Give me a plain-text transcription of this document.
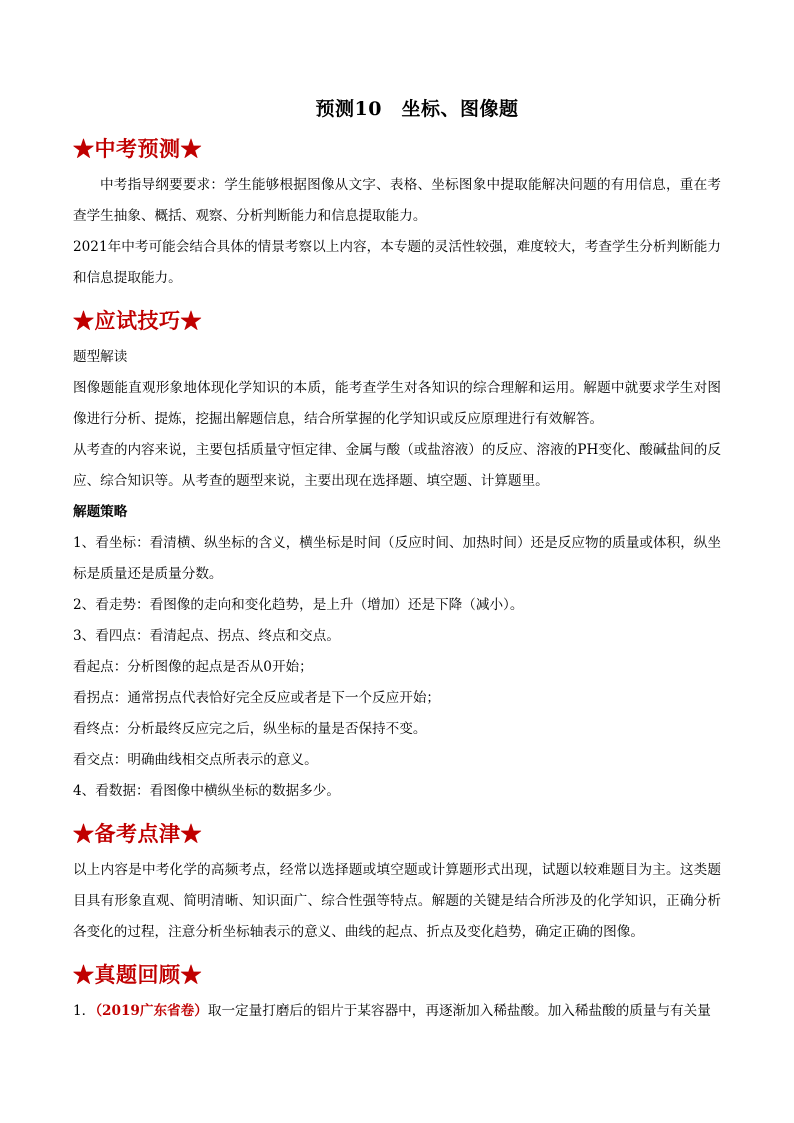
预测10　坐标、图像题
★中考预测★

中考指导纲要要求：学生能够根据图像从文字、表格、坐标图象中提取能解决问题的有用信息，重在考查学生抽象、概括、观察、分析判断能力和信息提取能力。

2021年中考可能会结合具体的情景考察以上内容，本专题的灵活性较强，难度较大，考查学生分析判断能力和信息提取能力。

★应试技巧★

题型解读

图像题能直观形象地体现化学知识的本质，能考查学生对各知识的综合理解和运用。解题中就要求学生对图像进行分析、提炼，挖掘出解题信息，结合所掌握的化学知识或反应原理进行有效解答。

从考查的内容来说，主要包括质量守恒定律、金属与酸（或盐溶液）的反应、溶液的PH变化、酸碱盐间的反应、综合知识等。从考查的题型来说，主要出现在选择题、填空题、计算题里。

解题策略

1、看坐标：看清横、纵坐标的含义，横坐标是时间（反应时间、加热时间）还是反应物的质量或体积，纵坐标是质量还是质量分数。

2、看走势：看图像的走向和变化趋势，是上升（增加）还是下降（减小）。

3、看四点：看清起点、拐点、终点和交点。

看起点：分析图像的起点是否从0开始；

看拐点：通常拐点代表恰好完全反应或者是下一个反应开始；

看终点：分析最终反应完之后，纵坐标的量是否保持不变。

看交点：明确曲线相交点所表示的意义。

4、看数据：看图像中横纵坐标的数据多少。

★备考点津★

以上内容是中考化学的高频考点，经常以选择题或填空题或计算题形式出现，试题以较难题目为主。这类题目具有形象直观、简明清晰、知识面广、综合性强等特点。解题的关键是结合所涉及的化学知识，正确分析各变化的过程，注意分析坐标轴表示的意义、曲线的起点、折点及变化趋势，确定正确的图像。

★真题回顾★

1．（2019广东省卷）取一定量打磨后的铝片于某容器中，再逐渐加入稀盐酸。加入稀盐酸的质量与有关量
